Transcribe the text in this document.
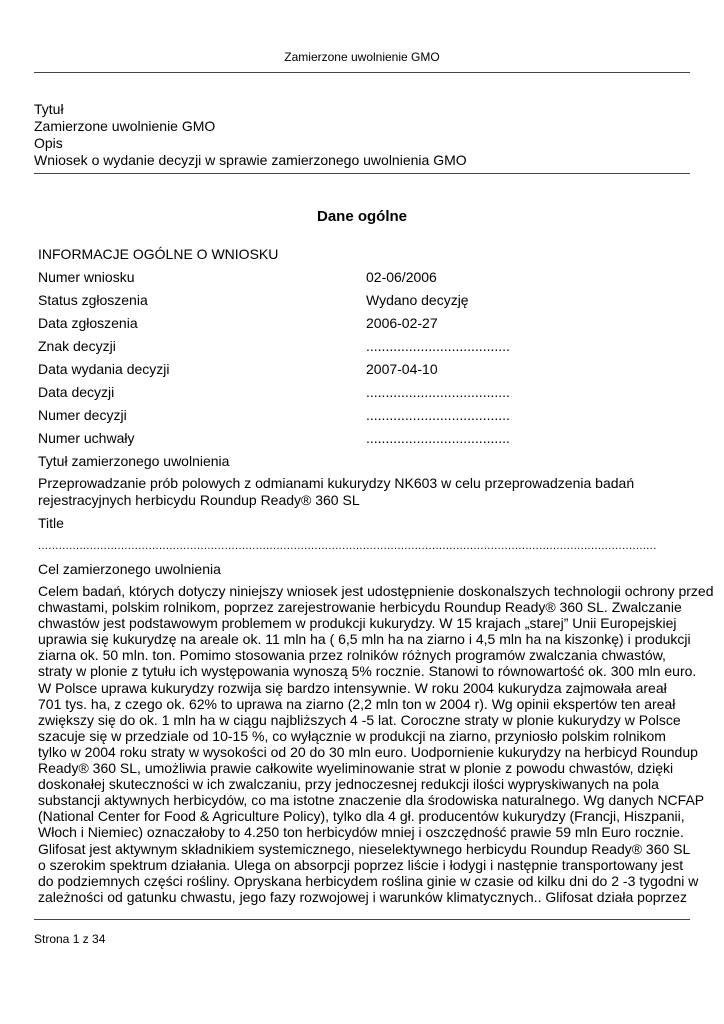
Zamierzone uwolnienie GMO
Tytuł
Zamierzone uwolnienie GMO
Opis
Wniosek o wydanie decyzji w sprawie zamierzonego uwolnienia GMO
Dane ogólne
INFORMACJE OGÓLNE O WNIOSKU
Numer wniosku	02-06/2006
Status zgłoszenia	Wydano decyzję
Data zgłoszenia	2006-02-27
Znak decyzji	.....................................
Data wydania decyzji	2007-04-10
Data decyzji	.....................................
Numer decyzji	.....................................
Numer uchwały	.....................................
Tytuł zamierzonego uwolnienia
Przeprowadzanie prób polowych z odmianami kukurydzy NK603 w celu przeprowadzenia badań
rejestracyjnych herbicydu Roundup Ready® 360 SL
Title
...................................................................................................................................................................................
Cel zamierzonego uwolnienia
Celem badań, których dotyczy niniejszy wniosek jest udostępnienie doskonalszych technologii ochrony przed
chwastami, polskim rolnikom, poprzez zarejestrowanie herbicydu Roundup Ready® 360 SL. Zwalczanie
chwastów jest podstawowym problemem w produkcji kukurydzy. W 15 krajach „starej” Unii Europejskiej
uprawia się kukurydzę na areale ok. 11 mln ha ( 6,5 mln ha na ziarno i 4,5 mln ha na kiszonkę) i produkcji
ziarna ok. 50 mln. ton. Pomimo stosowania przez rolników różnych programów zwalczania chwastów,
straty w plonie z tytułu ich występowania wynoszą 5% rocznie. Stanowi to równowartość ok. 300 mln euro.
W Polsce uprawa kukurydzy rozwija się bardzo intensywnie. W roku 2004 kukurydza zajmowała areał
701 tys. ha, z czego ok. 62% to uprawa na ziarno (2,2 mln ton w 2004 r). Wg opinii ekspertów ten areał
zwiększy się do ok. 1 mln ha w ciągu najbliższych 4 -5 lat. Coroczne straty w plonie kukurydzy w Polsce
szacuje się w przedziale od 10-15 %, co wyłącznie w produkcji na ziarno, przyniosło polskim rolnikom
tylko w 2004 roku straty w wysokości od 20 do 30 mln euro. Uodpornienie kukurydzy na herbicyd Roundup
Ready® 360 SL, umożliwia prawie całkowite wyeliminowanie strat w plonie z powodu chwastów, dzięki
doskonałej skuteczności w ich zwalczaniu, przy jednoczesnej redukcji ilości wypryskiwanych na pola
substancji aktywnych herbicydów, co ma istotne znaczenie dla środowiska naturalnego. Wg danych NCFAP
(National Center for Food & Agriculture Policy), tylko dla 4 gł. producentów kukurydzy (Francji, Hiszpanii,
Włoch i Niemiec) oznaczałoby to 4.250 ton herbicydów mniej i oszczędność prawie 59 mln Euro rocznie.
Glifosat jest aktywnym składnikiem systemicznego, nieselektywnego herbicydu Roundup Ready® 360 SL
o szerokim spektrum działania. Ulega on absorpcji poprzez liście i łodygi i następnie transportowany jest
do podziemnych części rośliny. Opryskana herbicydem roślina ginie w czasie od kilku dni do 2 -3 tygodni w
zależności od gatunku chwastu, jego fazy rozwojowej i warunków klimatycznych.. Glifosat działa poprzez
Strona 1 z 34
